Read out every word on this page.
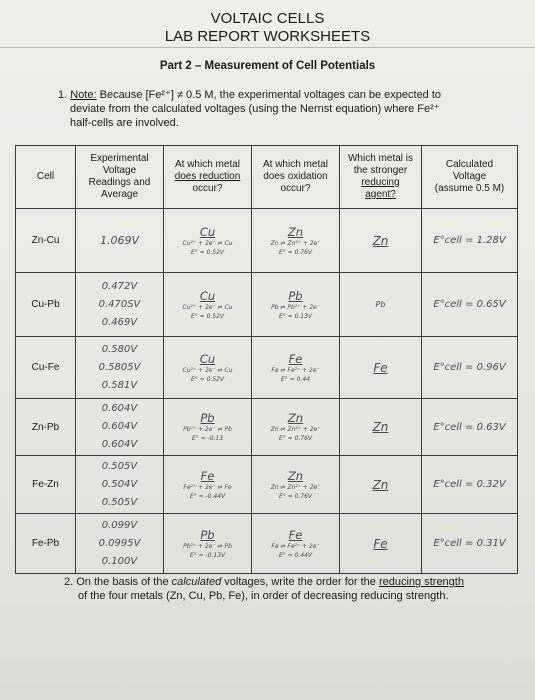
VOLTAIC CELLS
LAB REPORT WORKSHEETS
Part 2 – Measurement of Cell Potentials
1. Note: Because [Fe²⁺] ≠ 0.5 M, the experimental voltages can be expected to
deviate from the calculated voltages (using the Nernst equation) where Fe²⁺
half-cells are involved.
Cell	Experimental
Voltage
Readings and
Average	At which metal
does reduction
occur?	At which metal
does oxidation
occur?	Which metal is
the stronger
reducing
agent?	Calculated
Voltage
(assume 0.5 M)
Zn-Cu	1.069V	Cu
Cu²⁺ + 2e⁻ ⇌ Cu
E° = 0.52V	Zn
Zn ⇌ Zn²⁺ + 2e⁻
E° = 0.76V	Zn	E°cell = 1.28V
Cu-Pb	0.472V
0.470SV
0.469V	Cu
Cu²⁺ + 2e⁻ ⇌ Cu
E° = 0.52V	Pb
Pb ⇌ Pb²⁺ + 2e⁻
E° = 0.13V	Pb	E°cell = 0.65V
Cu-Fe	0.580V
0.5805V
0.581V	Cu
Cu²⁺ + 2e⁻ ⇌ Cu
E° = 0.52V	Fe
Fe ⇌ Fe²⁺ + 2e⁻
E° = 0.44	Fe	E°cell = 0.96V
Zn-Pb	0.604V
0.604V
0.604V	Pb
Pb²⁺ + 2e⁻ ⇌ Pb
E° = -0.13	Zn
Zn ⇌ Zn²⁺ + 2e⁻
E° = 0.76V	Zn	E°cell = 0.63V
Fe-Zn	0.505V
0.504V
0.505V	Fe
Fe²⁺ + 2e⁻ ⇌ Fe
E° = -0.44V	Zn
Zn ⇌ Zn²⁺ + 2e⁻
E° = 0.76V	Zn	E°cell = 0.32V
Fe-Pb	0.099V
0.0995V
0.100V	Pb
Pb²⁺ + 2e⁻ ⇌ Pb
E° = -0.13V	Fe
Fe ⇌ Fe²⁺ + 2e⁻
E° = 0.44V	Fe	E°cell = 0.31V
2. On the basis of the calculated voltages, write the order for the reducing strength
of the four metals (Zn, Cu, Pb, Fe), in order of decreasing reducing strength.
